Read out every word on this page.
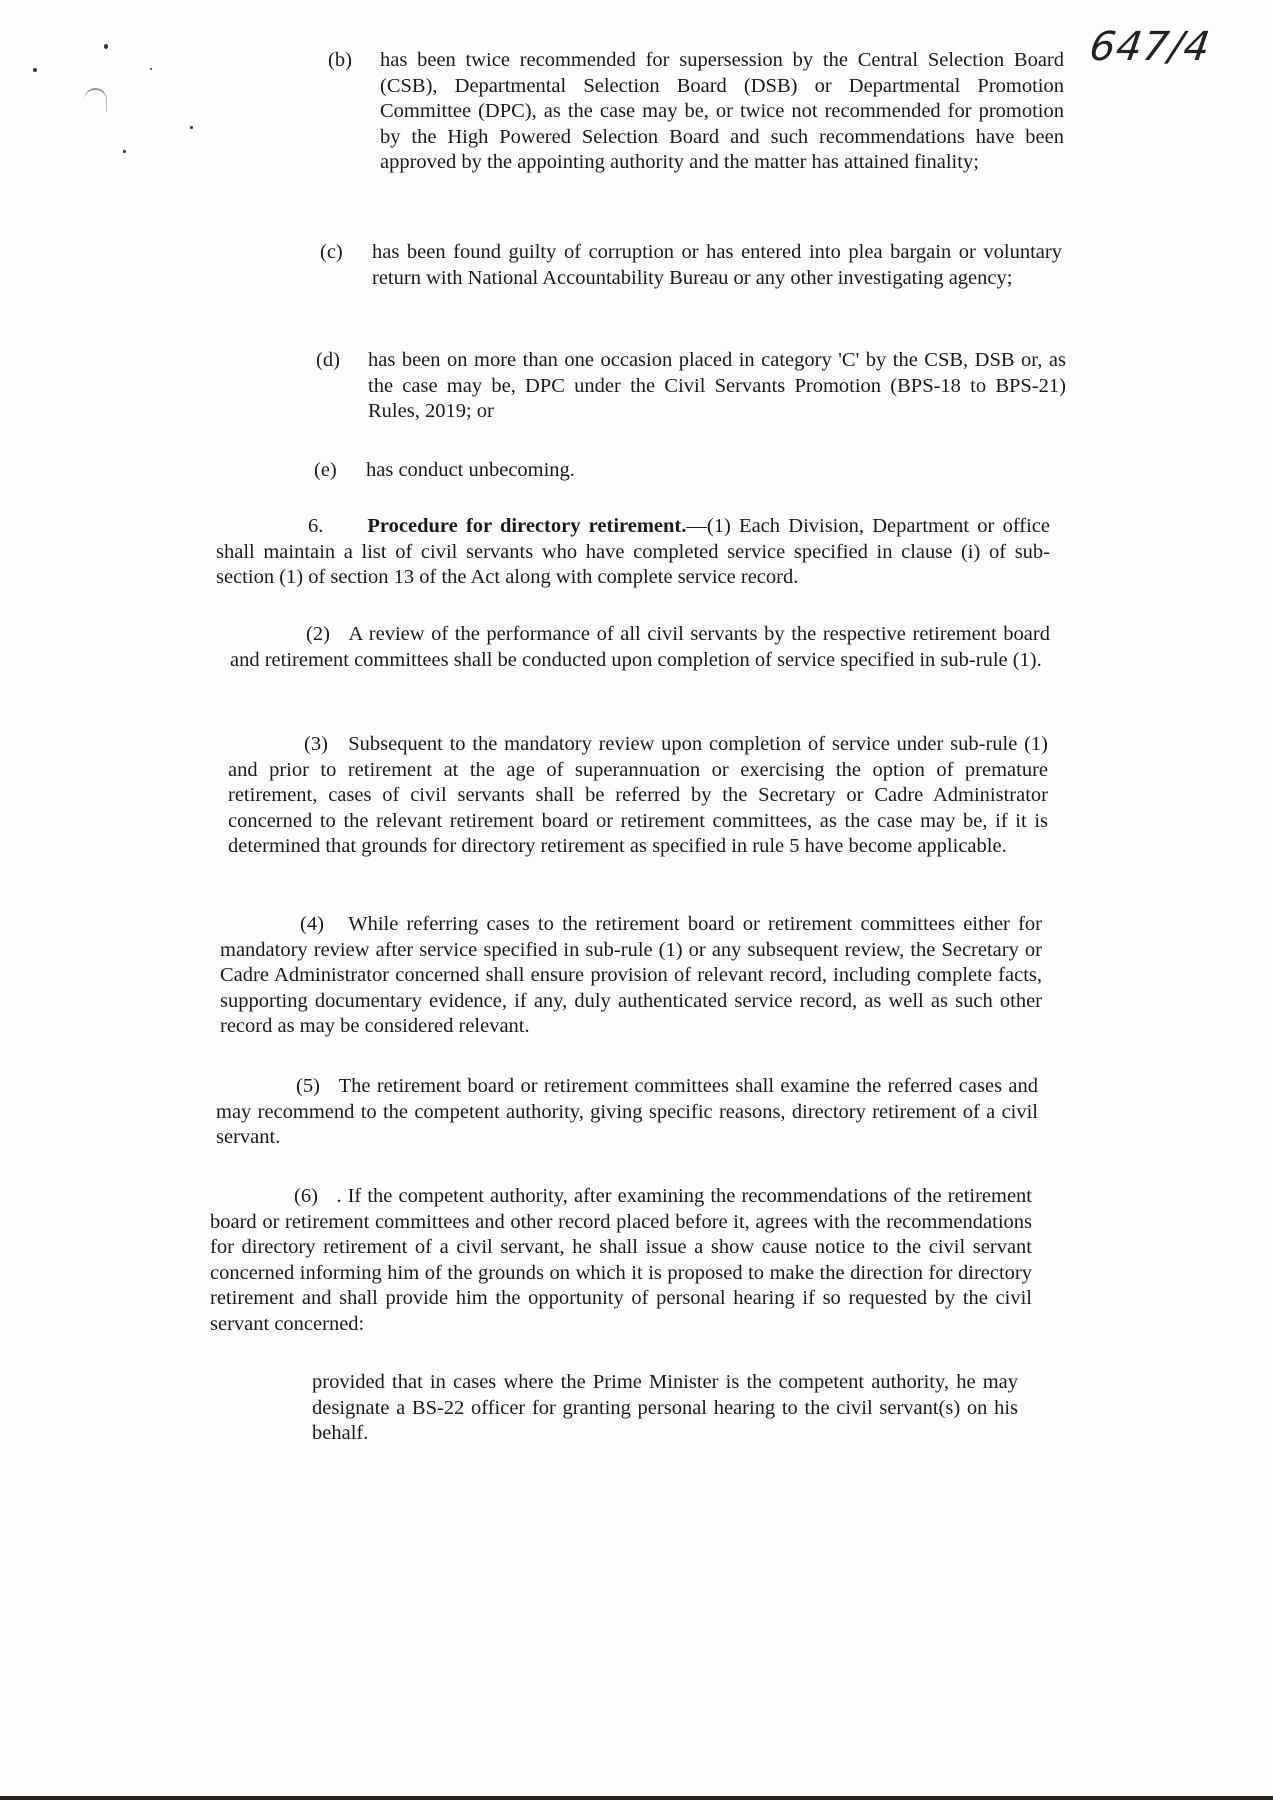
647/4
(b) has been twice recommended for supersession by the Central Selection Board (CSB), Departmental Selection Board (DSB) or Departmental Promotion Committee (DPC), as the case may be, or twice not recommended for promotion by the High Powered Selection Board and such recommendations have been approved by the appointing authority and the matter has attained finality;
(c) has been found guilty of corruption or has entered into plea bargain or voluntary return with National Accountability Bureau or any other investigating agency;
(d) has been on more than one occasion placed in category 'C' by the CSB, DSB or, as the case may be, DPC under the Civil Servants Promotion (BPS-18 to BPS-21) Rules, 2019; or
(e) has conduct unbecoming.
6. Procedure for directory retirement.—(1) Each Division, Department or office shall maintain a list of civil servants who have completed service specified in clause (i) of sub-section (1) of section 13 of the Act along with complete service record.
(2) A review of the performance of all civil servants by the respective retirement board and retirement committees shall be conducted upon completion of service specified in sub-rule (1).
(3) Subsequent to the mandatory review upon completion of service under sub-rule (1) and prior to retirement at the age of superannuation or exercising the option of premature retirement, cases of civil servants shall be referred by the Secretary or Cadre Administrator concerned to the relevant retirement board or retirement committees, as the case may be, if it is determined that grounds for directory retirement as specified in rule 5 have become applicable.
(4) While referring cases to the retirement board or retirement committees either for mandatory review after service specified in sub-rule (1) or any subsequent review, the Secretary or Cadre Administrator concerned shall ensure provision of relevant record, including complete facts, supporting documentary evidence, if any, duly authenticated service record, as well as such other record as may be considered relevant.
(5) The retirement board or retirement committees shall examine the referred cases and may recommend to the competent authority, giving specific reasons, directory retirement of a civil servant.
(6) . If the competent authority, after examining the recommendations of the retirement board or retirement committees and other record placed before it, agrees with the recommendations for directory retirement of a civil servant, he shall issue a show cause notice to the civil servant concerned informing him of the grounds on which it is proposed to make the direction for directory retirement and shall provide him the opportunity of personal hearing if so requested by the civil servant concerned:
provided that in cases where the Prime Minister is the competent authority, he may designate a BS-22 officer for granting personal hearing to the civil servant(s) on his behalf.
